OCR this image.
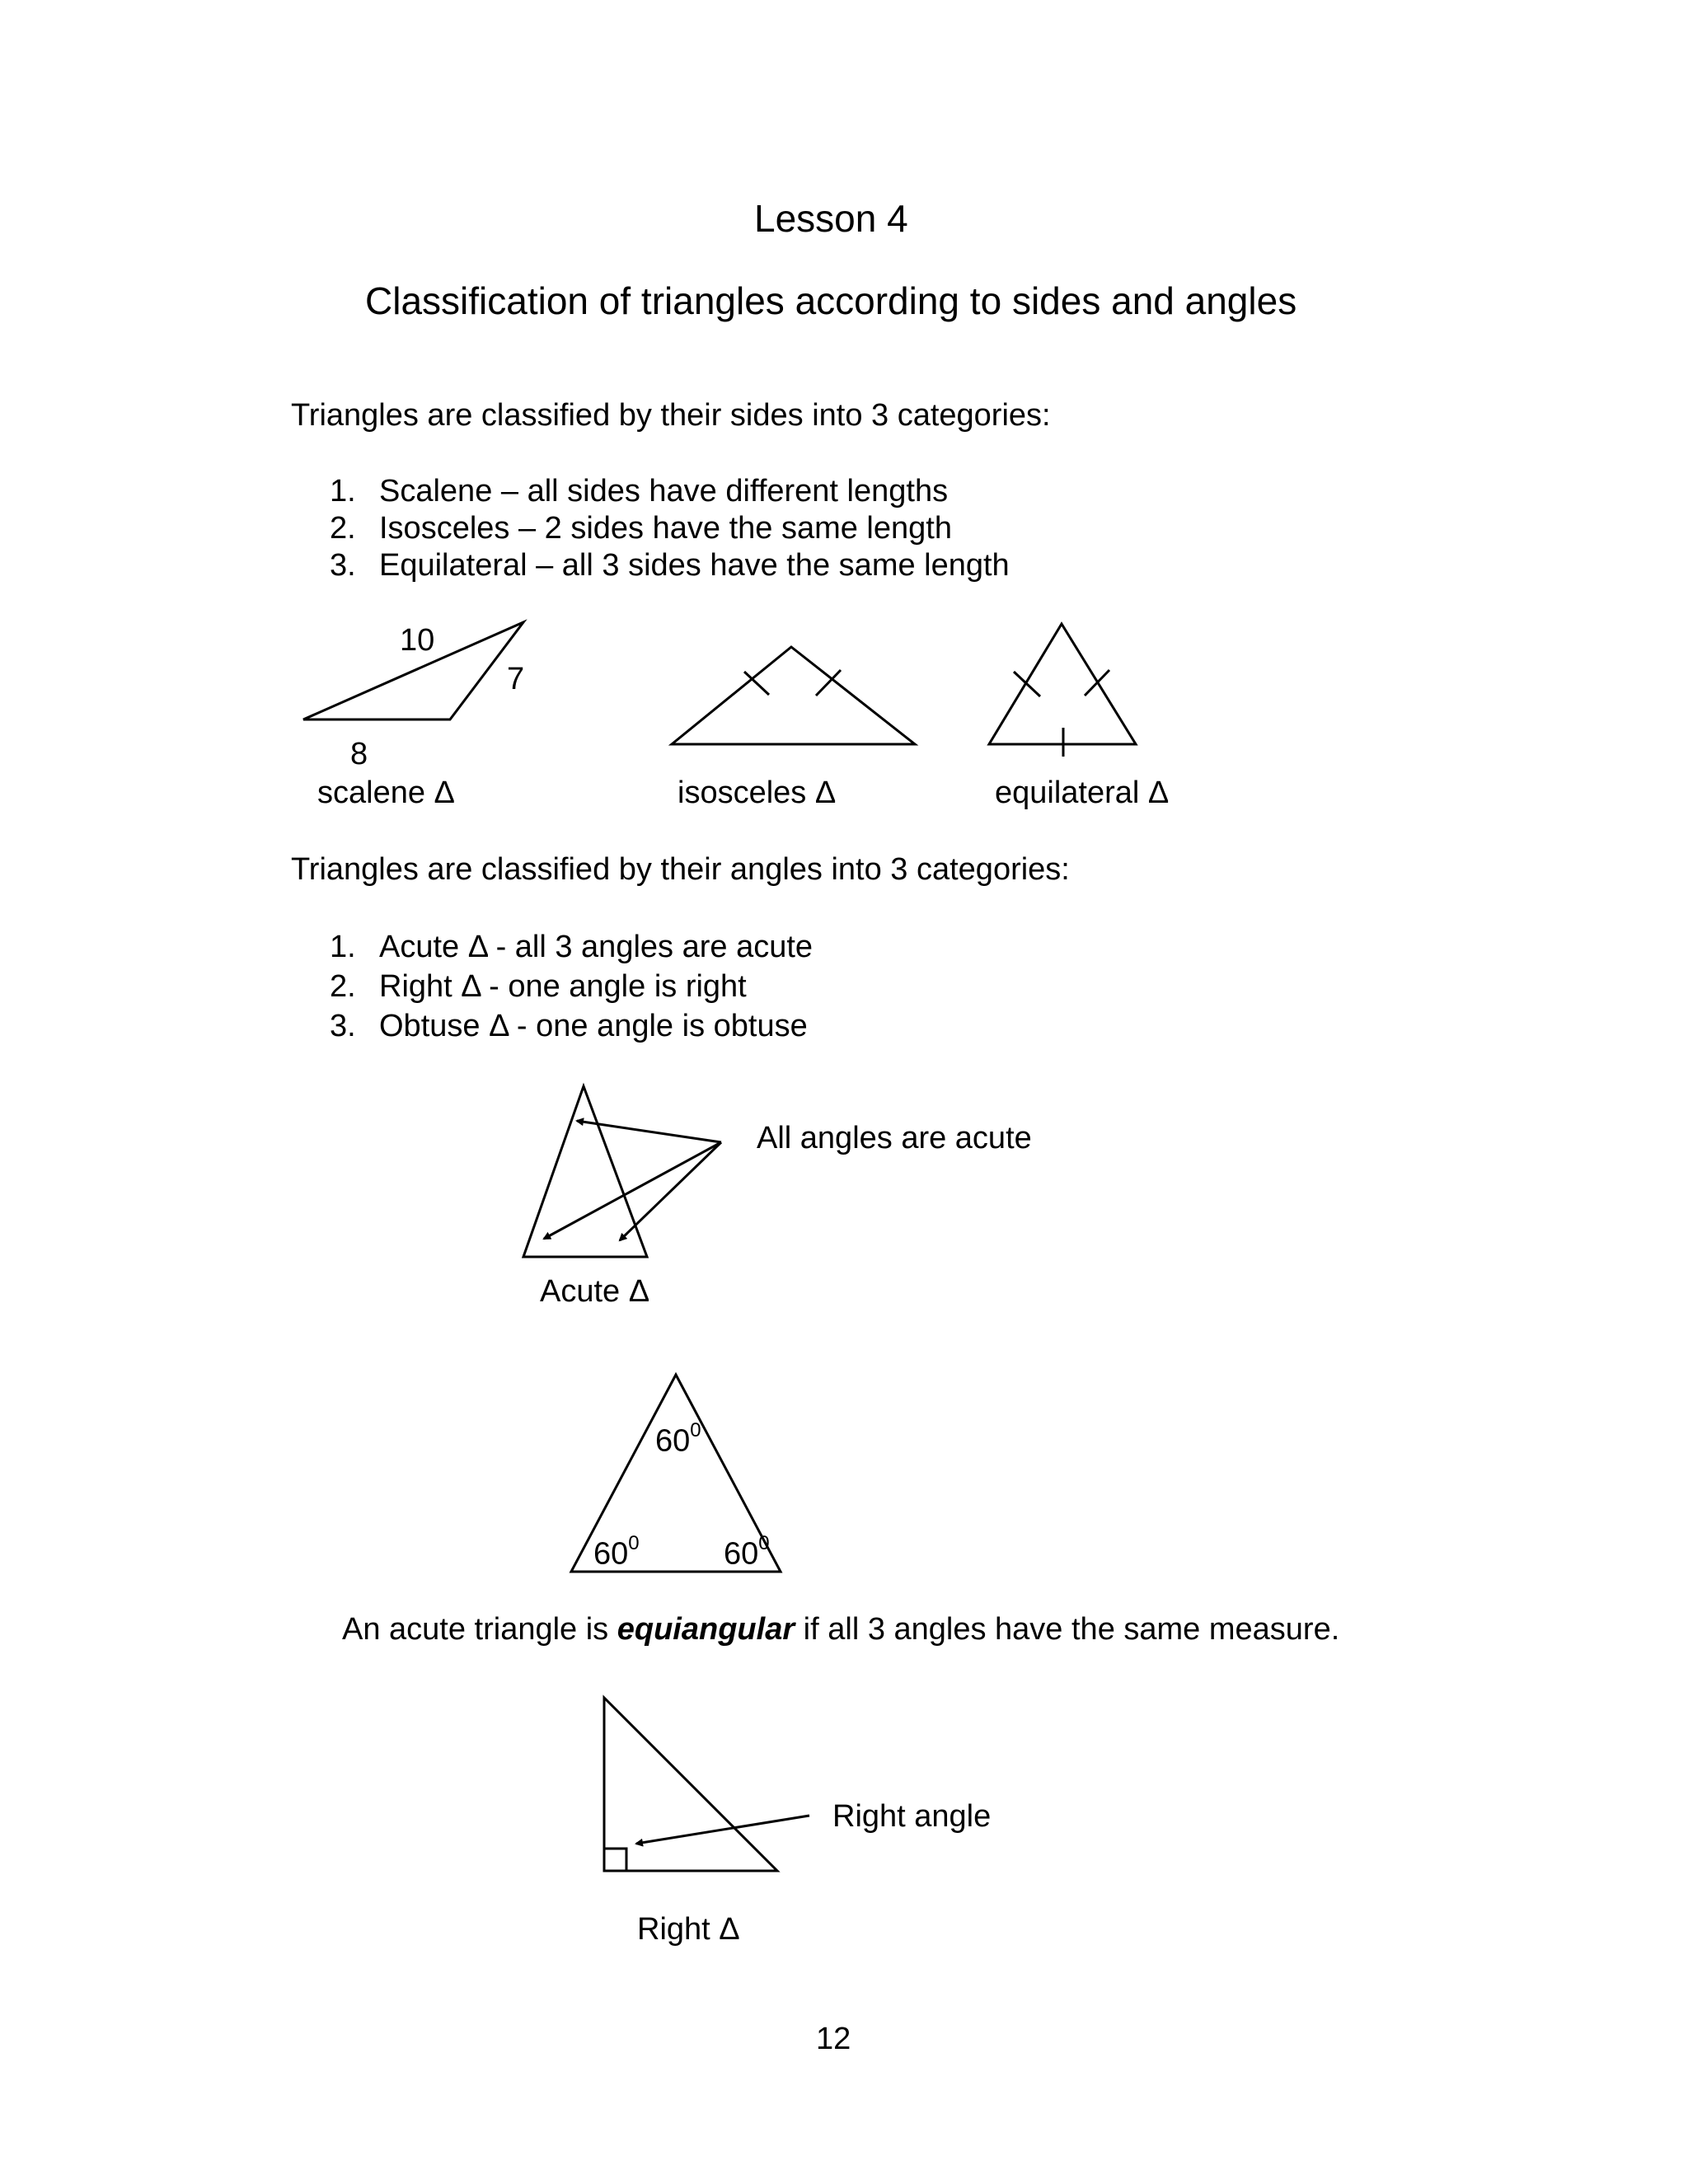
Lesson 4
Classification of triangles according to sides and angles
Triangles are classified by their sides into 3 categories:
1. Scalene – all sides have different lengths
2. Isosceles – 2 sides have the same length
3. Equilateral – all 3 sides have the same length
10
7
8
scalene Δ	isosceles Δ	equilateral Δ
Triangles are classified by their angles into 3 categories:
1. Acute Δ - all 3 angles are acute
2. Right Δ - one angle is right
3. Obtuse Δ - one angle is obtuse
All angles are acute
Acute Δ
$60^0$
$60^0$	$60^0$
An acute triangle is equiangular if all 3 angles have the same measure.
Right angle
Right Δ
12
